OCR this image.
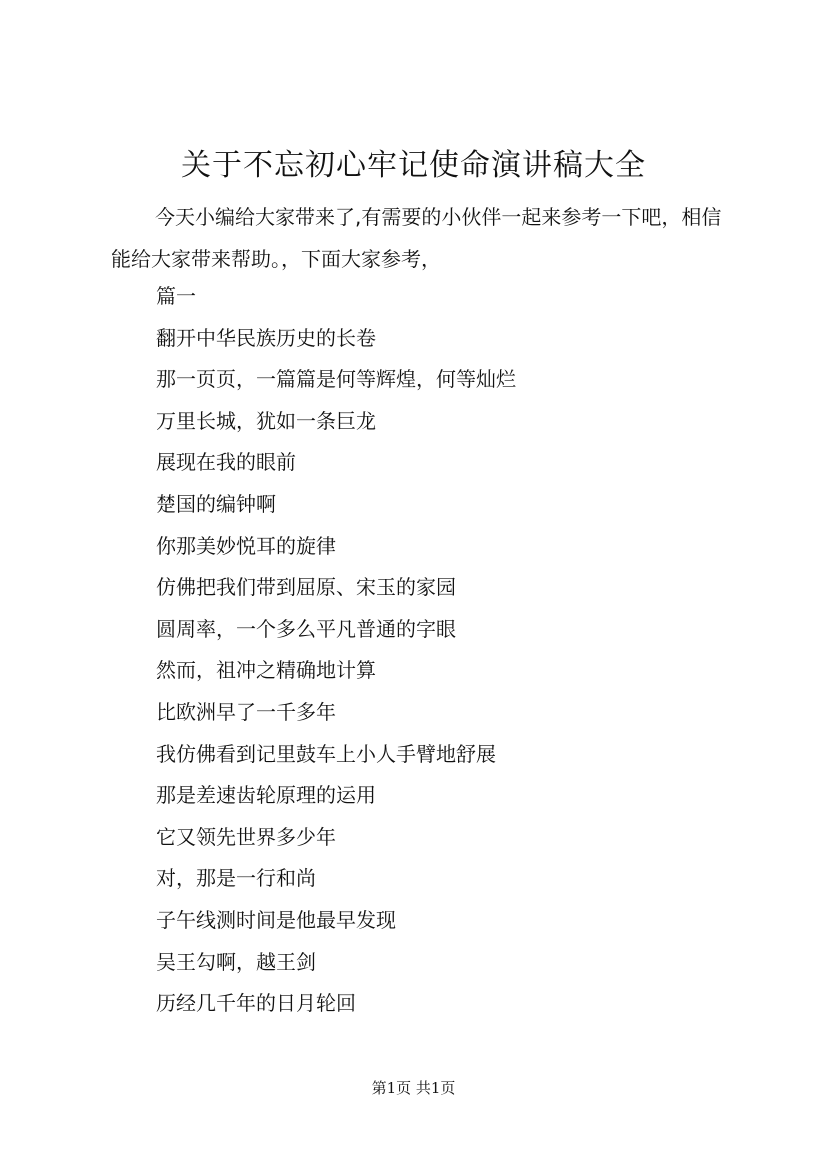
关于不忘初心牢记使命演讲稿大全
今天小编给大家带来了,有需要的小伙伴一起来参考一下吧，相信能给大家带来帮助。，下面大家参考，
篇一
翻开中华民族历史的长卷
那一页页，一篇篇是何等辉煌，何等灿烂
万里长城，犹如一条巨龙
展现在我的眼前
楚国的编钟啊
你那美妙悦耳的旋律
仿佛把我们带到屈原、宋玉的家园
圆周率，一个多么平凡普通的字眼
然而，祖冲之精确地计算
比欧洲早了一千多年
我仿佛看到记里鼓车上小人手臂地舒展
那是差速齿轮原理的运用
它又领先世界多少年
对，那是一行和尚
子午线测时间是他最早发现
吴王勾啊，越王剑
历经几千年的日月轮回
第1页 共1页
